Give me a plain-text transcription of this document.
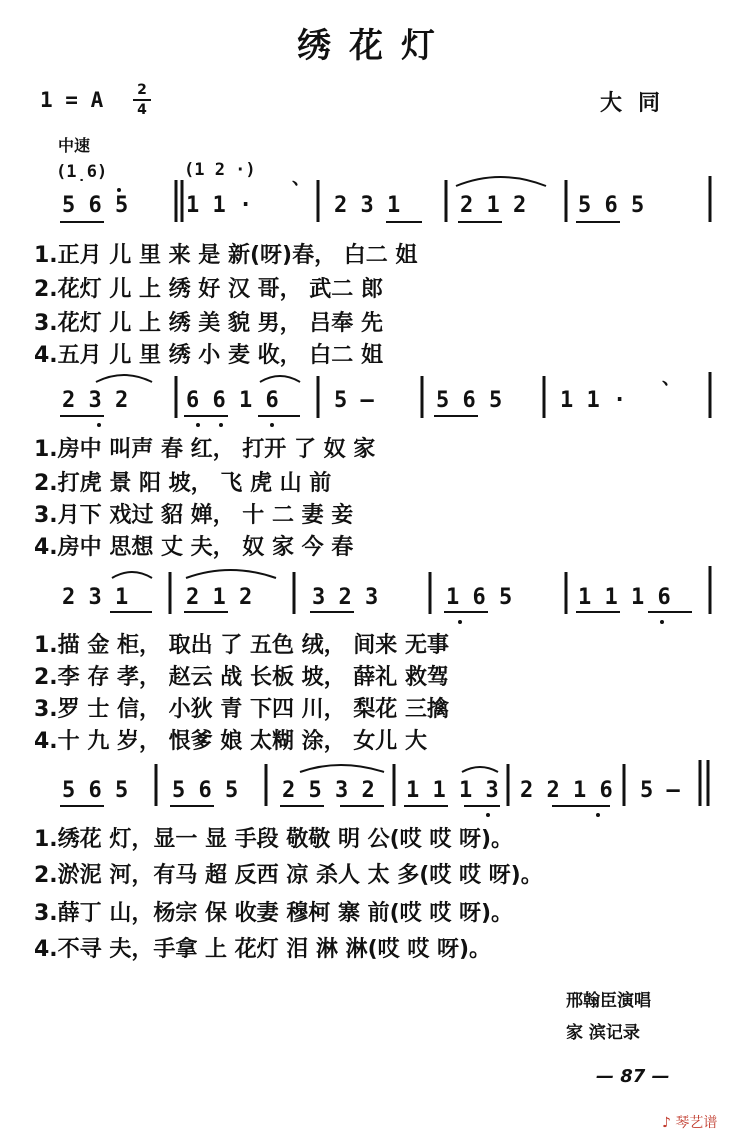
绣花灯
1 = A 2
4	大同
中速
(1̣6)	(1 2 ·) 、
、
5 6 5	1 1 ·	2 3 1	2 1 2 5 6 5
1.正月 儿 里 来 是 新(呀)春， 白二 姐
2.花灯 儿 上 绣 好 汉 哥， 武二 郎
3.花灯 儿 上 绣 美 貌 男， 吕奉 先
4.五月 儿 里 绣 小 麦 收， 白二 姐
2 3 2	6 6 1 6	5 —	5 6 5	1 1 ·
1.房中 叫声 春 红， 打开 了 奴 家
2.打虎 景 阳 坡， 飞 虎 山 前
3.月下 戏过 貂 婵， 十 二 妻 妾
4.房中 思想 丈 夫， 奴 家 今 春
2 3 1	2 1 2	3 2 3	1 6 5	1 1 1 6
1.描 金 柜， 取出 了 五色 绒， 间来 无事
2.李 存 孝， 赵云 战 长板 坡， 薛礼 救驾
3.罗 士 信， 小狄 青 下四 川， 梨花 三擒
4.十 九 岁， 恨爹 娘 太糊 涂， 女儿 大
5 6 5 5 6 5 2 5 3 2 1 1 1 3 2 2 1 6 5 —
1.绣花 灯，显一 显 手段 敬敬 明 公(哎 哎 呀)。
2.淤泥 河，有马 超 反西 凉 杀人 太 多(哎 哎 呀)。
3.薛丁 山，杨宗 保 收妻 穆柯 寨 前(哎 哎 呀)。
4.不寻 夫，手拿 上 花灯 泪 淋 淋(哎 哎 呀)。
邢翰臣演唱
家 滨记录
— 87 —
♪ 琴艺谱
